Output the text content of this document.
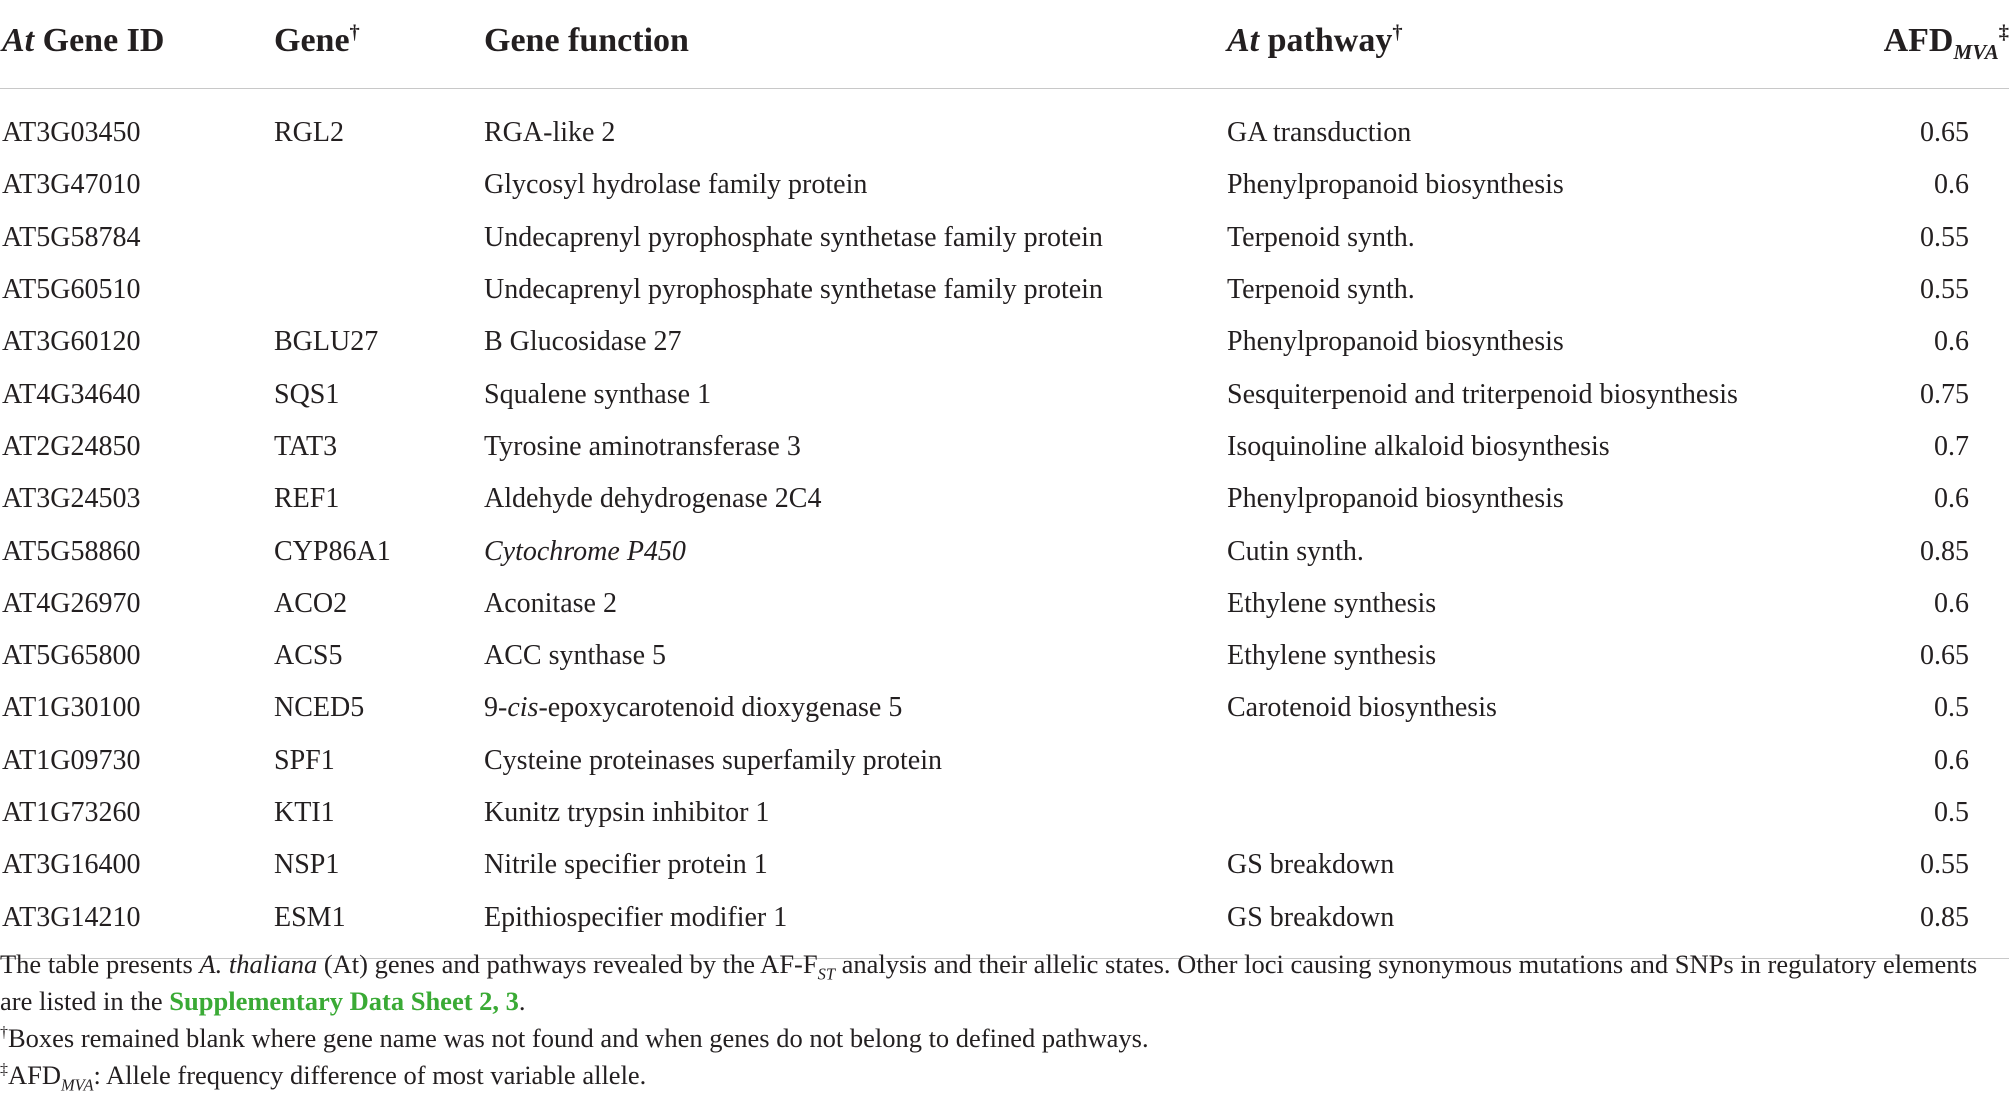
At Gene ID	Gene†	Gene function	At pathway†	$AFD_{MVA}^\ddagger$
AT3G03450	RGL2	RGA-like 2	GA transduction	0.65
AT3G47010		Glycosyl hydrolase family protein	Phenylpropanoid biosynthesis	0.6
AT5G58784		Undecaprenyl pyrophosphate synthetase family protein	Terpenoid synth.	0.55
AT5G60510		Undecaprenyl pyrophosphate synthetase family protein	Terpenoid synth.	0.55
AT3G60120	BGLU27	B Glucosidase 27	Phenylpropanoid biosynthesis	0.6
AT4G34640	SQS1	Squalene synthase 1	Sesquiterpenoid and triterpenoid biosynthesis	0.75
AT2G24850	TAT3	Tyrosine aminotransferase 3	Isoquinoline alkaloid biosynthesis	0.7
AT3G24503	REF1	Aldehyde dehydrogenase 2C4	Phenylpropanoid biosynthesis	0.6
AT5G58860	CYP86A1	Cytochrome P450	Cutin synth.	0.85
AT4G26970	ACO2	Aconitase 2	Ethylene synthesis	0.6
AT5G65800	ACS5	ACC synthase 5	Ethylene synthesis	0.65
AT1G30100	NCED5	9-cis-epoxycarotenoid dioxygenase 5	Carotenoid biosynthesis	0.5
AT1G09730	SPF1	Cysteine proteinases superfamily protein		0.6
AT1G73260	KTI1	Kunitz trypsin inhibitor 1		0.5
AT3G16400	NSP1	Nitrile specifier protein 1	GS breakdown	0.55
AT3G14210	ESM1	Epithiospecifier modifier 1	GS breakdown	0.85

The table presents A. thaliana (At) genes and pathways revealed by the $AF-F_{ST}$ analysis and their allelic states. Other loci causing synonymous mutations and SNPs in regulatory elements are listed in the Supplementary Data Sheet 2, 3.

†Boxes remained blank where gene name was not found and when genes do not belong to defined pathways.

$^\ddagger AFD_{MVA}$: Allele frequency difference of most variable allele.
